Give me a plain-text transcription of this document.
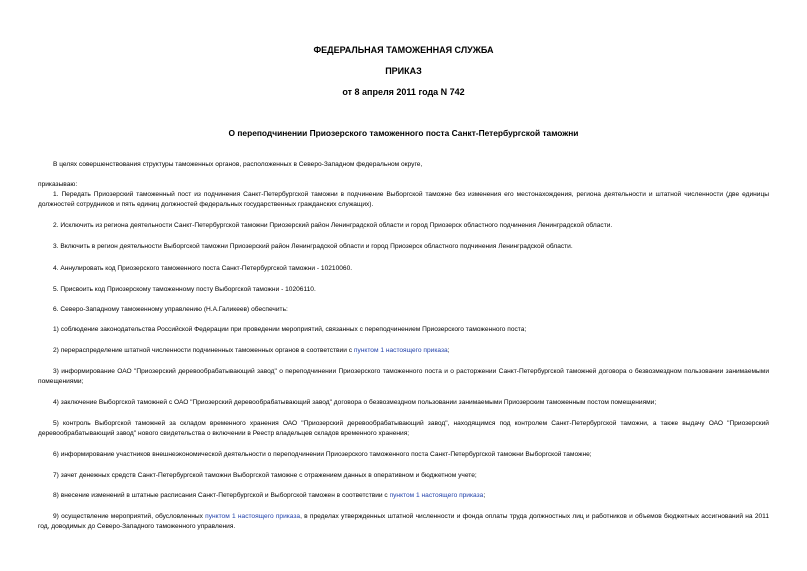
ФЕДЕРАЛЬНАЯ ТАМОЖЕННАЯ СЛУЖБА

ПРИКАЗ

от 8 апреля 2011 года N 742

О переподчинении Приозерского таможенного поста Санкт-Петербургской таможни

В целях совершенствования структуры таможенных органов, расположенных в Северо-Западном федеральном округе,

приказываю:

1. Передать Приозерский таможенный пост из подчинения Санкт-Петербургской таможни в подчинение Выборгской таможне без изменения его местонахождения, региона деятельности и штатной численности (две единицы должностей сотрудников и пять единиц должностей федеральных государственных гражданских служащих).

2. Исключить из региона деятельности Санкт-Петербургской таможни Приозерский район Ленинградской области и город Приозерск областного подчинения Ленинградской области.

3. Включить в регион деятельности Выборгской таможни Приозерский район Ленинградской области и город Приозерск областного подчинения Ленинградской области.

4. Аннулировать код Приозерского таможенного поста Санкт-Петербургской таможни - 10210060.

5. Присвоить код Приозерскому таможенному посту Выборгской таможни - 10206110.

6. Северо-Западному таможенному управлению (Н.А.Галикеев) обеспечить:

1) соблюдение законодательства Российской Федерации при проведении мероприятий, связанных с переподчинением Приозерского таможенного поста;

2) перераспределение штатной численности подчиненных таможенных органов в соответствии с пунктом 1 настоящего приказа;

3) информирование ОАО "Приозерский деревообрабатывающий завод" о переподчинении Приозерского таможенного поста и о расторжении Санкт-Петербургской таможней договора о безвозмездном пользовании занимаемыми помещениями;

4) заключение Выборгской таможней с ОАО "Приозерский деревообрабатывающий завод" договора о безвозмездном пользовании занимаемыми Приозерским таможенным постом помещениями;

5) контроль Выборгской таможней за складом временного хранения ОАО "Приозерский деревообрабатывающий завод", находящимся под контролем Санкт-Петербургской таможни, а также выдачу ОАО "Приозерский деревообрабатывающий завод" нового свидетельства о включении в Реестр владельцев складов временного хранения;

6) информирование участников внешнеэкономической деятельности о переподчинении Приозерского таможенного поста Санкт-Петербургской таможни Выборгской таможне;

7) зачет денежных средств Санкт-Петербургской таможни Выборгской таможне с отражением данных в оперативном и бюджетном учете;

8) внесение изменений в штатные расписания Санкт-Петербургской и Выборгской таможен в соответствии с пунктом 1 настоящего приказа;

9) осуществление мероприятий, обусловленных пунктом 1 настоящего приказа, в пределах утвержденных штатной численности и фонда оплаты труда должностных лиц и работников и объемов бюджетных ассигнований на 2011 год, доводимых до Северо-Западного таможенного управления.
